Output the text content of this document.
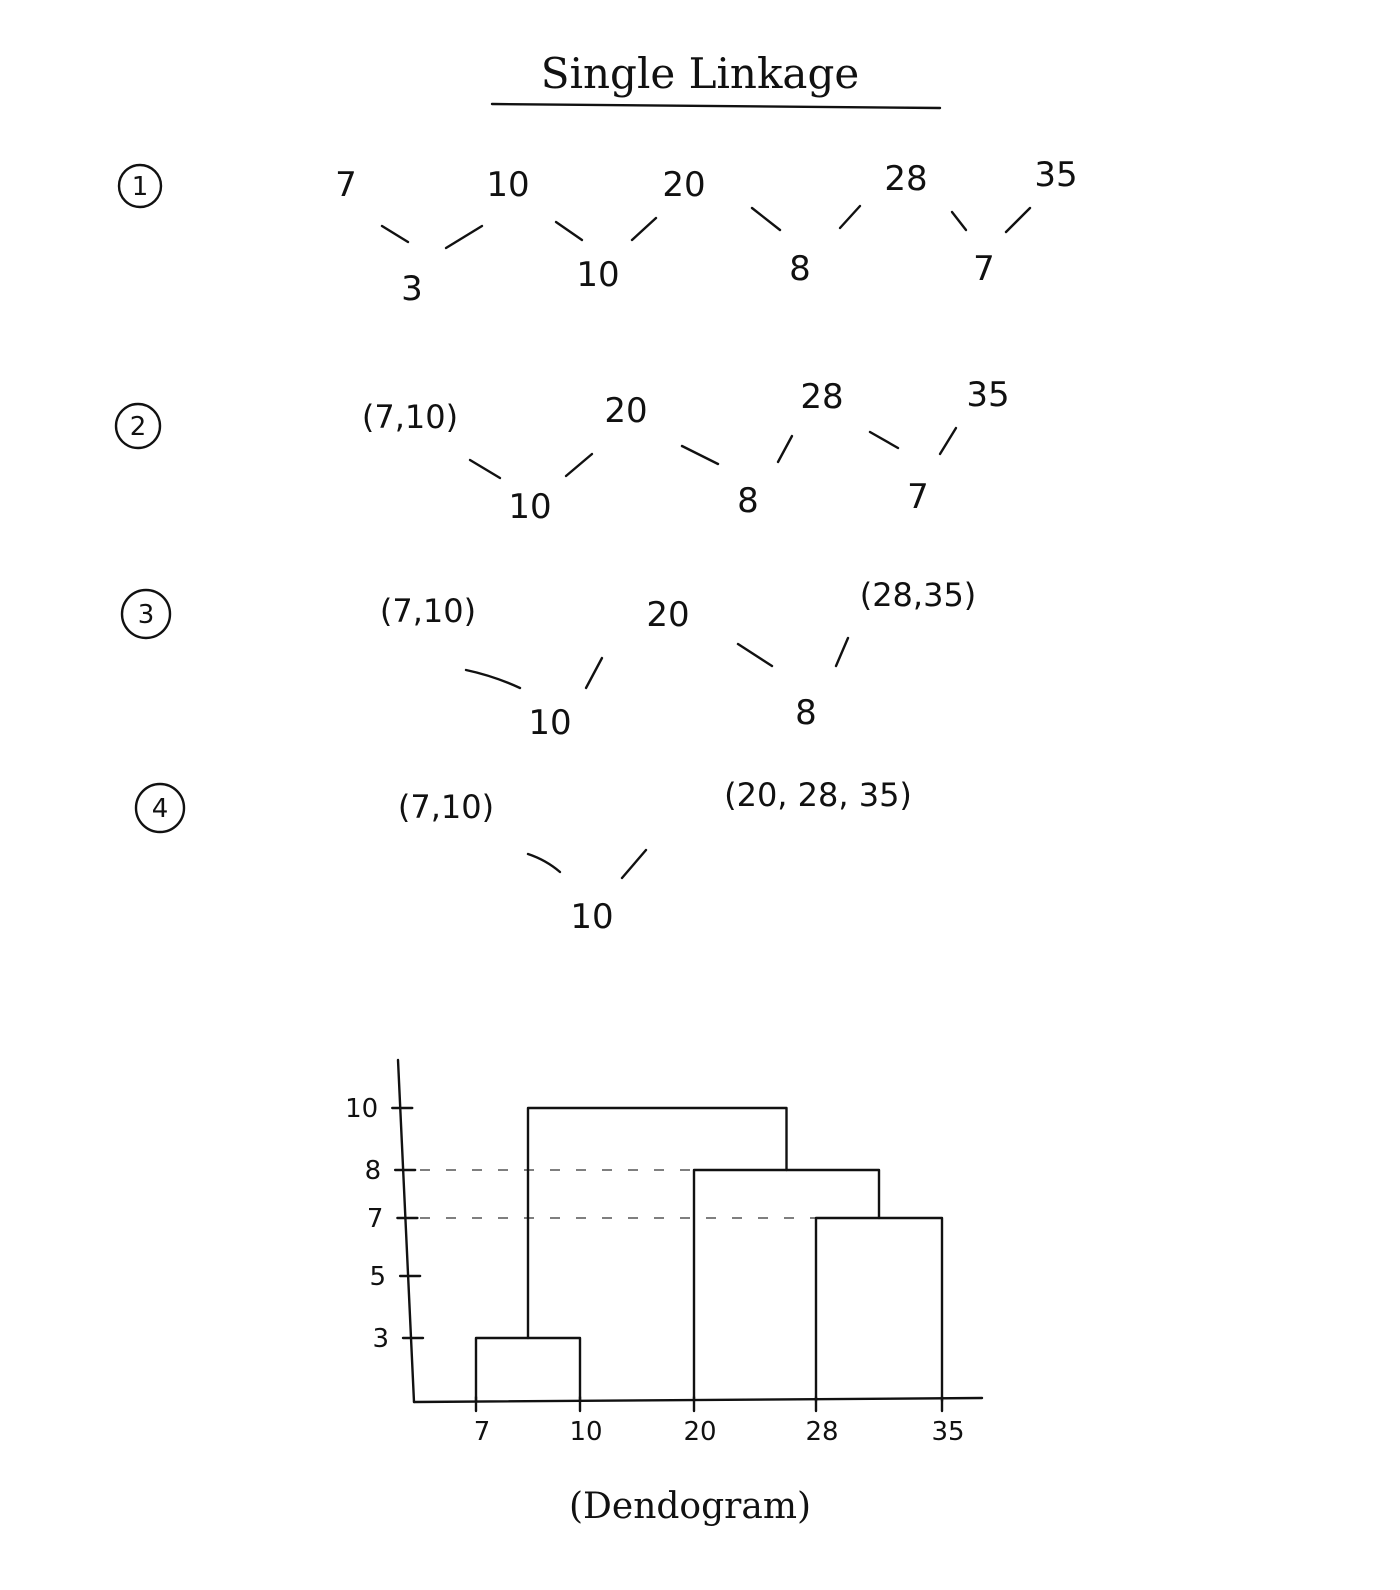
Single Linkage
1	7	10	20	28	35
3	10	8	7
2	(7,10)	20	28	35
10	8	7
3	(7,10)	20	(28,35)
10	8
4	(7,10)	(20, 28, 35)
10
10
8
7
5
3
7	10	20	28	35
(Dendogram)
